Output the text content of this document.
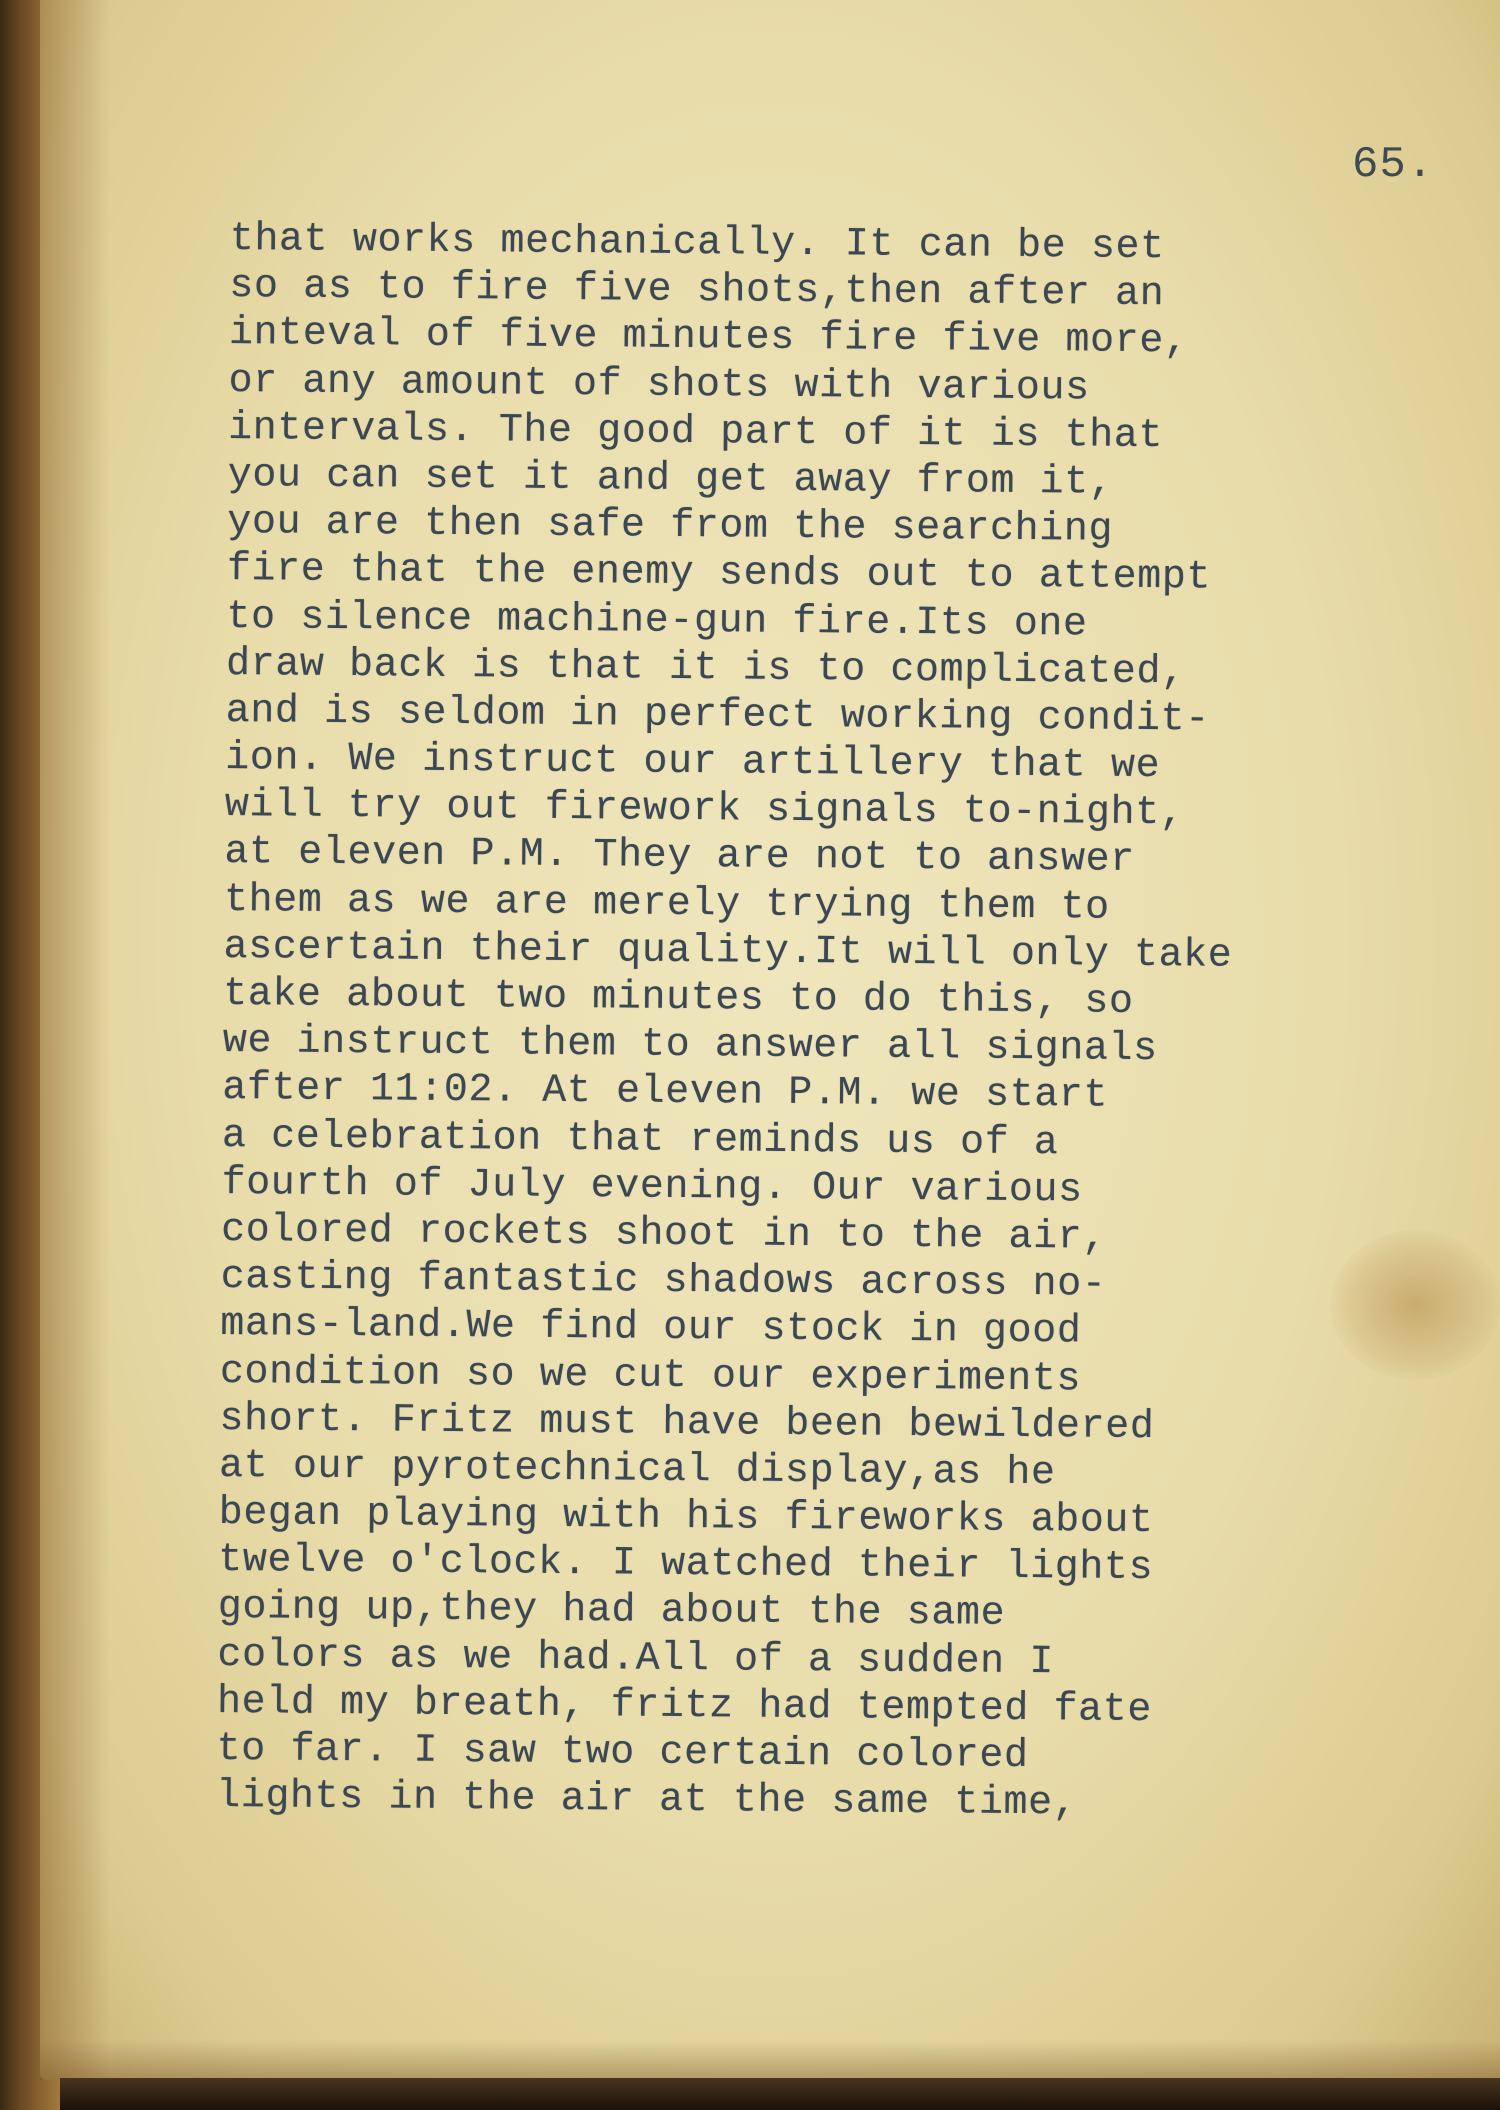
65.
that works mechanically. It can be set
so as to fire five shots,then after an
inteval of five minutes fire five more,
or any amount of shots with various
intervals. The good part of it is that
you can set it and get away from it,
you are then safe from the searching
fire that the enemy sends out to attempt
to silence machine-gun fire.Its one
draw back is that it is to complicated,
and is seldom in perfect working condit-
ion. We instruct our artillery that we
will try out firework signals to-night,
at eleven P.M. They are not to answer
them as we are merely trying them to
ascertain their quality.It will only take
take about two minutes to do this, so
we instruct them to answer all signals
after 11:02. At eleven P.M. we start
a celebration that reminds us of a
fourth of July evening. Our various
colored rockets shoot in to the air,
casting fantastic shadows across no-
mans-land.We find our stock in good
condition so we cut our experiments
short. Fritz must have been bewildered
at our pyrotechnical display,as he
began playing with his fireworks about
twelve o'clock. I watched their lights
going up,they had about the same
colors as we had.All of a sudden I
held my breath, fritz had tempted fate
to far. I saw two certain colored
lights in the air at the same time,
